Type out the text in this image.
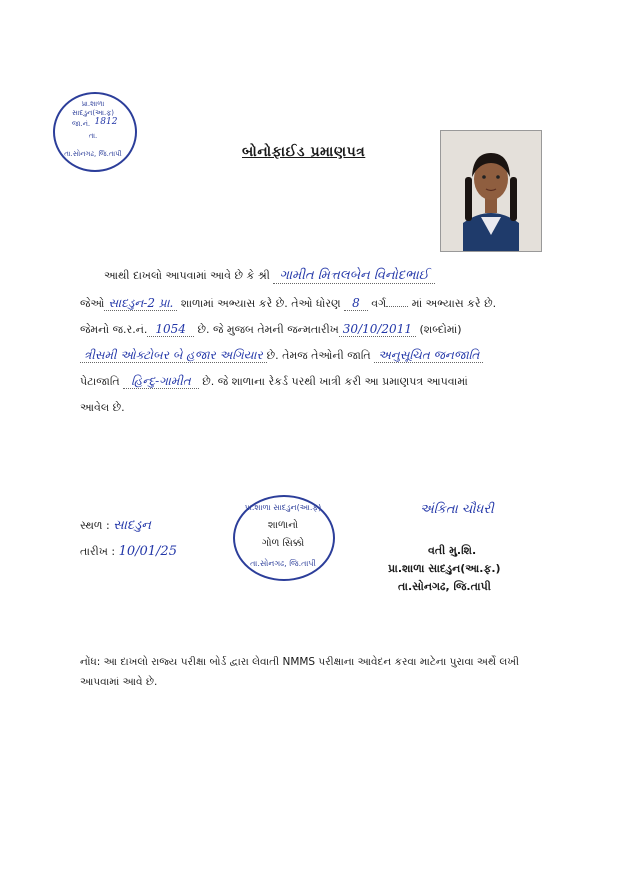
પ્રા.શાળા સાદડુન(આ.ફ)
જા.નં. 1812
તા.
તા.સોનગઢ, જિ.તાપી	બોનોફાઈડ પ્રમાણપત્ર
આથી દાખલો આપવામાં આવે છે કે શ્રી ગામીત મિત્તલબેન વિનોદભાઈ
જેઓ સાદડુન-2 પ્રા. શાળામાં અભ્યાસ કરે છે. તેઓ ધોરણ 8 વર્ગ માં અભ્યાસ કરે છે.
જેમનો જ.ર.નં. 1054 છે. જે મુજબ તેમની જન્મતારીખ 30/10/2011 (શબ્દોમાં)
ત્રીસમી ઓક્ટોબર બે હજાર અગિયાર છે. તેમજ તેઓની જાતિ અનુસૂચિત જનજાતિ
પેટાજાતિ હિન્દુ-ગામીત છે. જે શાળાના રેકર્ડ પરથી ખાત્રી કરી આ પ્રમાણપત્ર આપવામાં
આવેલ છે.
સ્થળ : સાદડુન
તારીખ : 10/01/25
પ્રા.શાળા સાદડુન(આ.ફ)
શાળાનો
ગોળ સિક્કો
તા.સોનગઢ, જિ.તાપી
અંકિતા ચૌધરી
વતી મુ.શિ.
પ્રા.શાળા સાદડુન(આ.ફ.)
તા.સોનગઢ, જિ.તાપી
નોંધ: આ દાખલો રાજ્ય પરીક્ષા બોર્ડ દ્વારા લેવાતી NMMS પરીક્ષાના આવેદન કરવા માટેના પુરાવા અર્થે લખી આપવામાં આવે છે.
